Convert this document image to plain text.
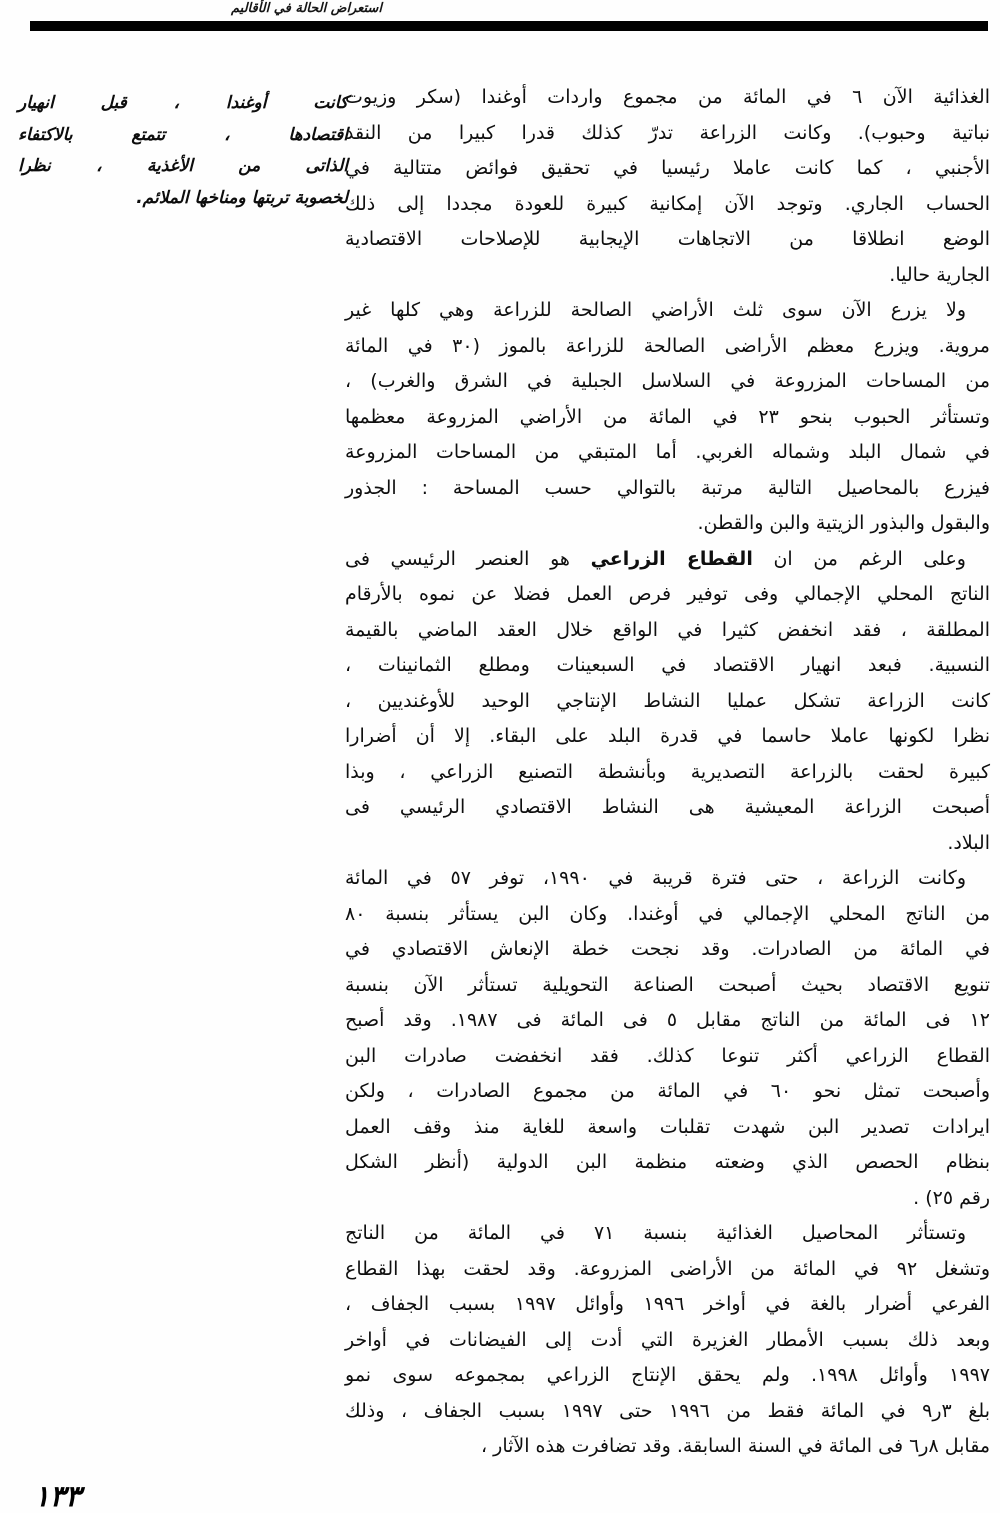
استعراض الحالة في الأقاليم
كانت أوغندا ، قبل انهيار
اقتصادها ، تتمتع بالاكتفاء
الذاتى من الأغذية ، نظرا
لخصوبة تربتها ومناخها الملائم.
الغذائية الآن ٦ في المائة من مجموع واردات أوغندا (سكر وزيوت
نباتية وحبوب). وكانت الزراعة تدرّ كذلك قدرا كبيرا من النقد
الأجنبي ، كما كانت عاملا رئيسيا في تحقيق فوائض متتالية في
الحساب الجاري. وتوجد الآن إمكانية كبيرة للعودة مجددا إلى ذلك
الوضع انطلاقا من الاتجاهات الإيجابية للإصلاحات الاقتصادية
الجارية حاليا.
ولا يزرع الآن سوى ثلث الأراضي الصالحة للزراعة وهي كلها غير
مروية. ويزرع معظم الأراضى الصالحة للزراعة بالموز (٣٠ في المائة
من المساحات المزروعة في السلاسل الجبلية في الشرق والغرب) ،
وتستأثر الحبوب بنحو ٢٣ في المائة من الأراضي المزروعة معظمها
في شمال البلد وشماله الغربي. أما المتبقي من المساحات المزروعة
فيزرع بالمحاصيل التالية مرتبة بالتوالي حسب المساحة : الجذور
والبقول والبذور الزيتية والبن والقطن.
وعلى الرغم من ان القطاع الزراعي هو العنصر الرئيسي فى
الناتج المحلي الإجمالي وفى توفير فرص العمل فضلا عن نموه بالأرقام
المطلقة ، فقد انخفض كثيرا في الواقع خلال العقد الماضي بالقيمة
النسبية. فبعد انهيار الاقتصاد في السبعينات ومطلع الثمانينات ،
كانت الزراعة تشكل عمليا النشاط الإنتاجي الوحيد للأوغنديين ،
نظرا لكونها عاملا حاسما في قدرة البلد على البقاء. إلا أن أضرارا
كبيرة لحقت بالزراعة التصديرية وبأنشطة التصنيع الزراعي ، وبذا
أصبحت الزراعة المعيشية هى النشاط الاقتصادي الرئيسي فى
البلاد.
وكانت الزراعة ، حتى فترة قريبة في ١٩٩٠، توفر ٥٧ في المائة
من الناتج المحلي الإجمالي في أوغندا. وكان البن يستأثر بنسبة ٨٠
في المائة من الصادرات. وقد نجحت خطة الإنعاش الاقتصادي في
تنويع الاقتصاد بحيث أصبحت الصناعة التحويلية تستأثر الآن بنسبة
١٢ فى المائة من الناتج مقابل ٥ فى المائة فى ١٩٨٧. وقد أصبح
القطاع الزراعي أكثر تنوعا كذلك. فقد انخفضت صادرات البن
وأصبحت تمثل نحو ٦٠ في المائة من مجموع الصادرات ، ولكن
ايرادات تصدير البن شهدت تقلبات واسعة للغاية منذ وقف العمل
بنظام الحصص الذي وضعته منظمة البن الدولية (أنظر الشكل
رقم ٢٥) .
وتستأثر المحاصيل الغذائية بنسبة ٧١ في المائة من الناتج
وتشغل ٩٢ في المائة من الأراضى المزروعة. وقد لحقت بهذا القطاع
الفرعي أضرار بالغة في أواخر ١٩٩٦ وأوائل ١٩٩٧ بسبب الجفاف ،
وبعد ذلك بسبب الأمطار الغزيرة التي أدت إلى الفيضانات في أواخر
١٩٩٧ وأوائل ١٩٩٨. ولم يحقق الإنتاج الزراعي بمجموعه سوى نمو
بلغ ٣ر٩ في المائة فقط من ١٩٩٦ حتى ١٩٩٧ بسبب الجفاف ، وذلك
مقابل ٨ر٦ فى المائة في السنة السابقة. وقد تضافرت هذه الآثار ،
١٣٣
